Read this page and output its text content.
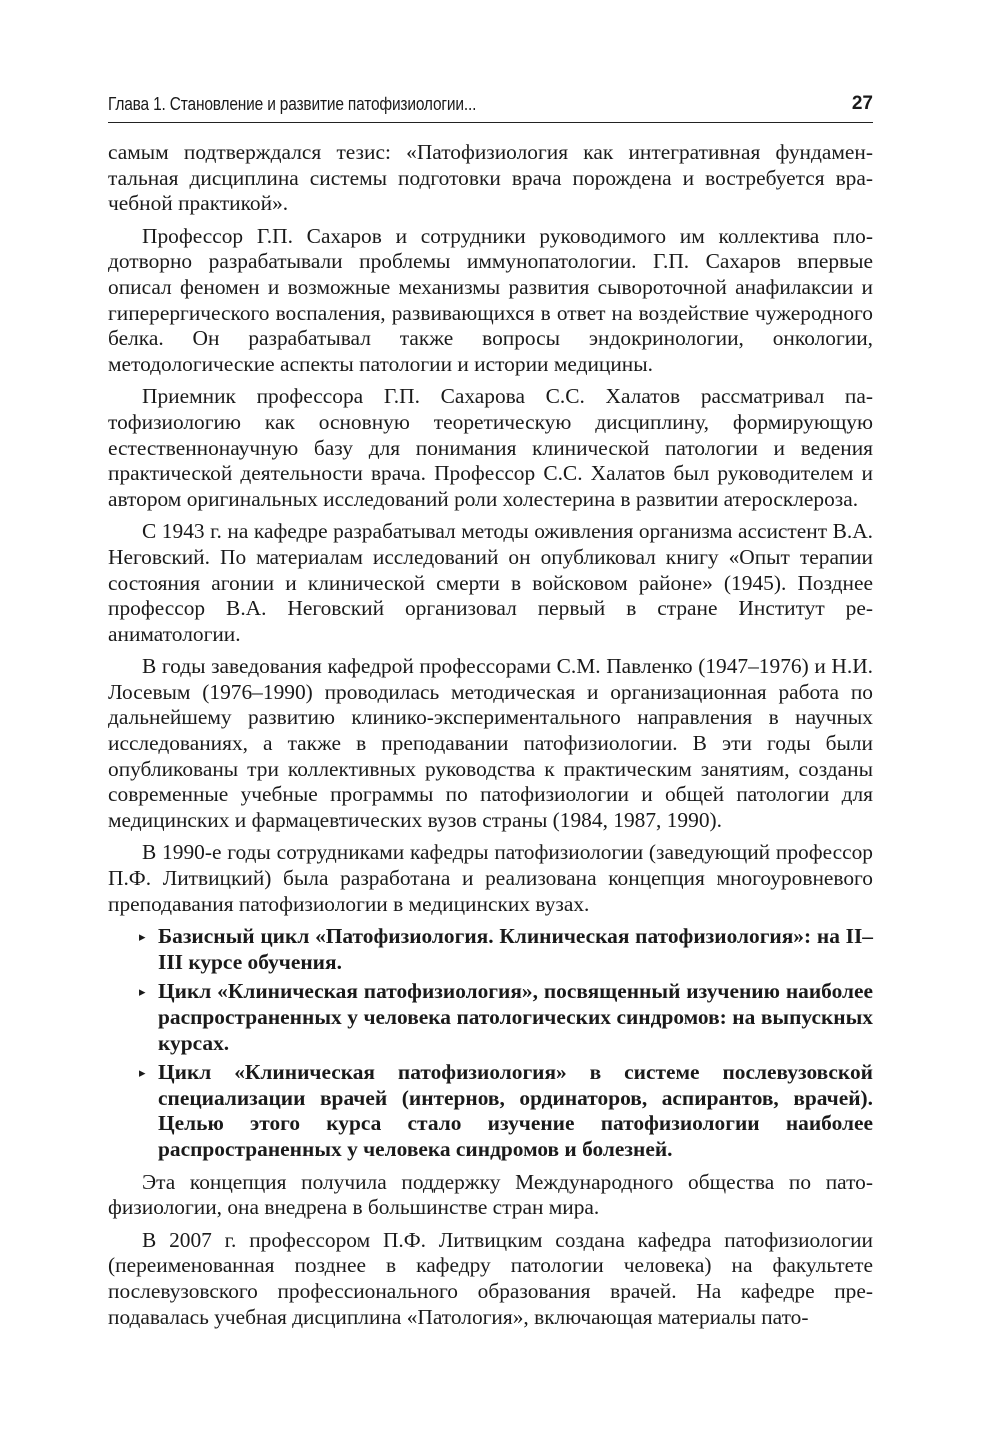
Глава 1. Становление и развитие патофизиологии...	27

самым подтверждался тезис: «Патофизиология как интегративная фундаментальная дисциплина системы подготовки врача порождена и востребуется врачебной практикой».

Профессор Г.П. Сахаров и сотрудники руководимого им коллектива плодотворно разрабатывали проблемы иммунопатологии. Г.П. Сахаров впервые описал феномен и возможные механизмы развития сывороточной анафилаксии и гиперергического воспаления, развивающихся в ответ на воздействие чужеродного белка. Он разрабатывал также вопросы эндокринологии, онкологии, методологические аспекты патологии и истории медицины.

Приемник профессора Г.П. Сахарова С.С. Халатов рассматривал патофизиологию как основную теоретическую дисциплину, формирующую естественнонаучную базу для понимания клинической патологии и ведения практической деятельности врача. Профессор С.С. Халатов был руководителем и автором оригинальных исследований роли холестерина в развитии атеросклероза.

С 1943 г. на кафедре разрабатывал методы оживления организма ассистент В.А. Неговский. По материалам исследований он опубликовал книгу «Опыт терапии состояния агонии и клинической смерти в войсковом районе» (1945). Позднее профессор В.А. Неговский организовал первый в стране Институт реаниматологии.

В годы заведования кафедрой профессорами С.М. Павленко (1947–1976) и Н.И. Лосевым (1976–1990) проводилась методическая и организационная работа по дальнейшему развитию клинико-экспериментального направления в научных исследованиях, а также в преподавании патофизиологии. В эти годы были опубликованы три коллективных руководства к практическим занятиям, созданы современные учебные программы по патофизиологии и общей патологии для медицинских и фармацевтических вузов страны (1984, 1987, 1990).

В 1990-е годы сотрудниками кафедры патофизиологии (заведующий профессор П.Ф. Литвицкий) была разработана и реализована концепция многоуровневого преподавания патофизиологии в медицинских вузах.

▸ Базисный цикл «Патофизиология. Клиническая патофизиология»: на II–III курсе обучения.
▸ Цикл «Клиническая патофизиология», посвященный изучению наиболее распространенных у человека патологических синдромов: на выпускных курсах.
▸ Цикл «Клиническая патофизиология» в системе послевузовской специализации врачей (интернов, ординаторов, аспирантов, врачей). Целью этого курса стало изучение патофизиологии наиболее распространенных у человека синдромов и болезней.

Эта концепция получила поддержку Международного общества по патофизиологии, она внедрена в большинстве стран мира.

В 2007 г. профессором П.Ф. Литвицким создана кафедра патофизиологии (переименованная позднее в кафедру патологии человека) на факультете послевузовского профессионального образования врачей. На кафедре преподавалась учебная дисциплина «Патология», включающая материалы пато-
